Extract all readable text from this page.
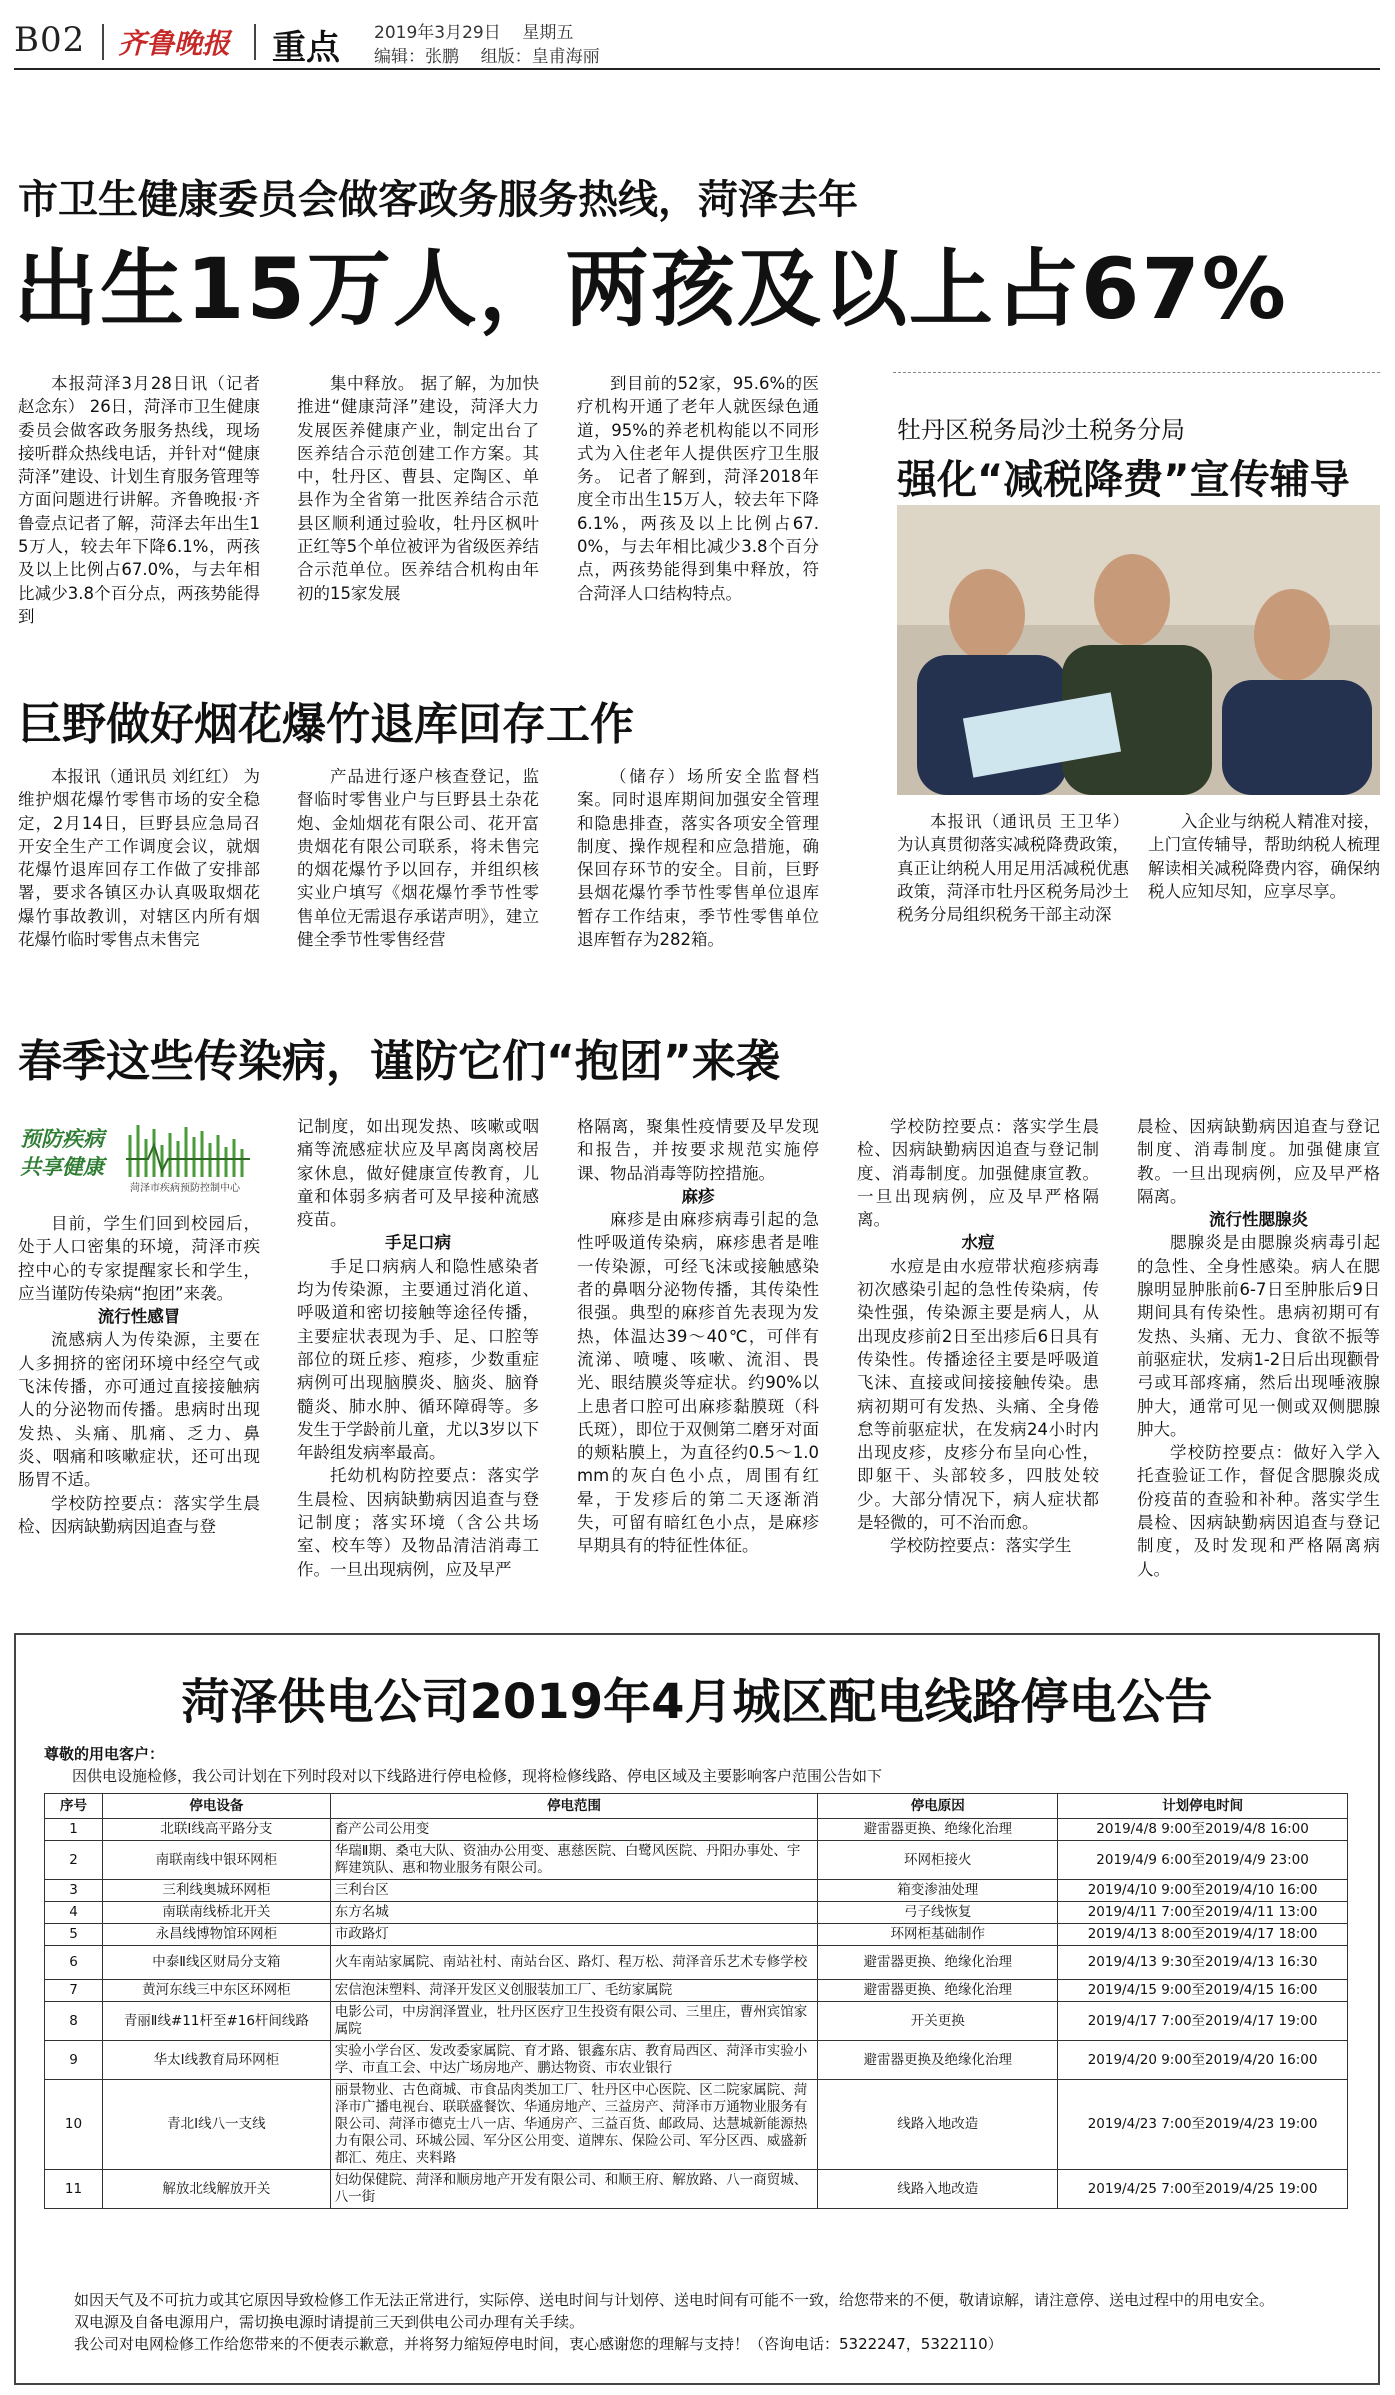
B02 齐鲁晚报 重点 2019年3月29日 星期五
编辑：张鹏 组版：皇甫海丽
市卫生健康委员会做客政务服务热线，菏泽去年
出生15万人，两孩及以上占67%

本报菏泽3月28日讯（记者 赵念东） 26日，菏泽市卫生健康委员会做客政务服务热线，现场接听群众热线电话，并针对“健康菏泽”建设、计划生育服务管理等方面问题进行讲解。齐鲁晚报·齐鲁壹点记者了解，菏泽去年出生15万人，较去年下降6.1%，两孩及以上比例占67.0%，与去年相比减少3.8个百分点，两孩势能得到

集中释放。 据了解，为加快推进“健康菏泽”建设，菏泽大力发展医养健康产业，制定出台了医养结合示范创建工作方案。其中，牡丹区、曹县、定陶区、单县作为全省第一批医养结合示范县区顺利通过验收，牡丹区枫叶正红等5个单位被评为省级医养结合示范单位。医养结合机构由年初的15家发展

到目前的52家，95.6%的医疗机构开通了老年人就医绿色通道，95%的养老机构能以不同形式为入住老年人提供医疗卫生服务。 记者了解到，菏泽2018年度全市出生15万人，较去年下降6.1%，两孩及以上比例占67.0%，与去年相比减少3.8个百分点，两孩势能得到集中释放，符合菏泽人口结构特点。

牡丹区税务局沙土税务分局
强化“减税降费”宣传辅导

本报讯（通讯员 王卫华） 为认真贯彻落实减税降费政策，真正让纳税人用足用活减税优惠政策，菏泽市牡丹区税务局沙土税务分局组织税务干部主动深

入企业与纳税人精准对接，上门宣传辅导，帮助纳税人梳理解读相关减税降费内容，确保纳税人应知尽知，应享尽享。

巨野做好烟花爆竹退库回存工作

本报讯（通讯员 刘红红） 为维护烟花爆竹零售市场的安全稳定，2月14日，巨野县应急局召开安全生产工作调度会议，就烟花爆竹退库回存工作做了安排部署，要求各镇区办认真吸取烟花爆竹事故教训，对辖区内所有烟花爆竹临时零售点未售完

产品进行逐户核查登记，监督临时零售业户与巨野县土杂花炮、金灿烟花有限公司、花开富贵烟花有限公司联系，将未售完的烟花爆竹予以回存，并组织核实业户填写《烟花爆竹季节性零售单位无需退存承诺声明》，建立健全季节性零售经营

（储存）场所安全监督档案。同时退库期间加强安全管理和隐患排查，落实各项安全管理制度、操作规程和应急措施，确保回存环节的安全。目前，巨野县烟花爆竹季节性零售单位退库暂存工作结束，季节性零售单位退库暂存为282箱。

春季这些传染病，谨防它们“抱团”来袭
预防疾病
共享健康
菏泽市疾病预防控制中心

目前，学生们回到校园后，处于人口密集的环境，菏泽市疾控中心的专家提醒家长和学生，应当谨防传染病“抱团”来袭。

流行性感冒

流感病人为传染源，主要在人多拥挤的密闭环境中经空气或飞沫传播，亦可通过直接接触病人的分泌物而传播。患病时出现发热、头痛、肌痛、乏力、鼻炎、咽痛和咳嗽症状，还可出现肠胃不适。

学校防控要点：落实学生晨检、因病缺勤病因追查与登

记制度，如出现发热、咳嗽或咽痛等流感症状应及早离岗离校居家休息，做好健康宣传教育，儿童和体弱多病者可及早接种流感疫苗。

手足口病

手足口病病人和隐性感染者均为传染源，主要通过消化道、呼吸道和密切接触等途径传播，主要症状表现为手、足、口腔等部位的斑丘疹、疱疹，少数重症病例可出现脑膜炎、脑炎、脑脊髓炎、肺水肿、循环障碍等。多发生于学龄前儿童，尤以3岁以下年龄组发病率最高。

托幼机构防控要点：落实学生晨检、因病缺勤病因追查与登记制度；落实环境（含公共场室、校车等）及物品清洁消毒工作。一旦出现病例，应及早严

格隔离，聚集性疫情要及早发现和报告，并按要求规范实施停课、物品消毒等防控措施。

麻疹

麻疹是由麻疹病毒引起的急性呼吸道传染病，麻疹患者是唯一传染源，可经飞沫或接触感染者的鼻咽分泌物传播，其传染性很强。典型的麻疹首先表现为发热，体温达39～40℃，可伴有流涕、喷嚏、咳嗽、流泪、畏光、眼结膜炎等症状。约90%以上患者口腔可出麻疹黏膜斑（科氏斑），即位于双侧第二磨牙对面的颊粘膜上，为直径约0.5～1.0mm的灰白色小点，周围有红晕，于发疹后的第二天逐渐消失，可留有暗红色小点，是麻疹早期具有的特征性体征。

学校防控要点：落实学生晨检、因病缺勤病因追查与登记制度、消毒制度。加强健康宣教。一旦出现病例，应及早严格隔离。

水痘

水痘是由水痘带状疱疹病毒初次感染引起的急性传染病，传染性强，传染源主要是病人，从出现皮疹前2日至出疹后6日具有传染性。传播途径主要是呼吸道飞沫、直接或间接接触传染。患病初期可有发热、头痛、全身倦怠等前驱症状，在发病24小时内出现皮疹，皮疹分布呈向心性，即躯干、头部较多，四肢处较少。大部分情况下，病人症状都是轻微的，可不治而愈。

学校防控要点：落实学生

晨检、因病缺勤病因追查与登记制度、消毒制度。加强健康宣教。一旦出现病例，应及早严格隔离。

流行性腮腺炎

腮腺炎是由腮腺炎病毒引起的急性、全身性感染。病人在腮腺明显肿胀前6-7日至肿胀后9日期间具有传染性。患病初期可有发热、头痛、无力、食欲不振等前驱症状，发病1-2日后出现颧骨弓或耳部疼痛，然后出现唾液腺肿大，通常可见一侧或双侧腮腺肿大。

学校防控要点：做好入学入托查验证工作，督促含腮腺炎成份疫苗的查验和补种。落实学生晨检、因病缺勤病因追查与登记制度，及时发现和严格隔离病人。

菏泽供电公司2019年4月城区配电线路停电公告
尊敬的用电客户：
因供电设施检修，我公司计划在下列时段对以下线路进行停电检修，现将检修线路、停电区域及主要影响客户范围公告如下
序号	停电设备	停电范围	停电原因	计划停电时间
1	北联Ⅰ线高平路分支	畜产公司公用变	避雷器更换、绝缘化治理	2019/4/8 9:00至2019/4/8 16:00
2	南联南线中银环网柜	华瑞Ⅱ期、桑屯大队、资油办公用变、惠慈医院、白鹭风医院、丹阳办事处、宇辉建筑队、惠和物业服务有限公司。	环网柜接火	2019/4/9 6:00至2019/4/9 23:00
3	三利线奥城环网柜	三利台区	箱变渗油处理	2019/4/10 9:00至2019/4/10 16:00
4	南联南线桥北开关	东方名城	弓子线恢复	2019/4/11 7:00至2019/4/11 13:00
5	永昌线博物馆环网柜	市政路灯	环网柜基础制作	2019/4/13 8:00至2019/4/17 18:00
6	中泰Ⅱ线区财局分支箱	火车南站家属院、南站社村、南站台区、路灯、程万松、菏泽音乐艺术专修学校	避雷器更换、绝缘化治理	2019/4/13 9:30至2019/4/13 16:30
7	黄河东线三中东区环网柜	宏信泡沫塑料、菏泽开发区义创服装加工厂、毛纺家属院	避雷器更换、绝缘化治理	2019/4/15 9:00至2019/4/15 16:00
8	青丽Ⅱ线#11杆至#16杆间线路	电影公司，中房润泽置业，牡丹区医疗卫生投资有限公司、三里庄，曹州宾馆家属院	开关更换	2019/4/17 7:00至2019/4/17 19:00
9	华太Ⅰ线教育局环网柜	实验小学台区、发改委家属院、育才路、银鑫东店、教育局西区、菏泽市实验小学、市直工会、中达广场房地产、鹏达物资、市农业银行	避雷器更换及绝缘化治理	2019/4/20 9:00至2019/4/20 16:00
10	青北Ⅰ线八一支线	丽景物业、古色商城、市食品肉类加工厂、牡丹区中心医院、区二院家属院、菏泽市广播电视台、联联盛餐饮、华通房地产、三益房产、菏泽市万通物业服务有限公司、菏泽市德克士八一店、华通房产、三益百货、邮政局、达慧城新能源热力有限公司、环城公园、军分区公用变、道牌东、保险公司、军分区西、威盛新都汇、苑庄、夹料路	线路入地改造	2019/4/23 7:00至2019/4/23 19:00
11	解放北线解放开关	妇幼保健院、菏泽和顺房地产开发有限公司、和顺王府、解放路、八一商贸城、八一街	线路入地改造	2019/4/25 7:00至2019/4/25 19:00

如因天气及不可抗力或其它原因导致检修工作无法正常进行，实际停、送电时间与计划停、送电时间有可能不一致，给您带来的不便，敬请谅解，请注意停、送电过程中的用电安全。

双电源及自备电源用户，需切换电源时请提前三天到供电公司办理有关手续。

我公司对电网检修工作给您带来的不便表示歉意，并将努力缩短停电时间，衷心感谢您的理解与支持！（咨询电话：5322247，5322110）
